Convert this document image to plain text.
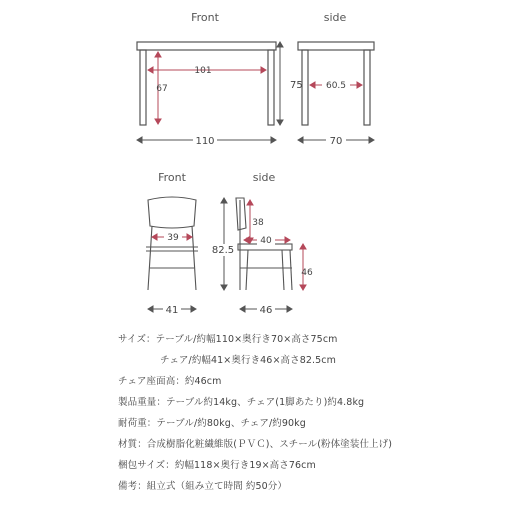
Front
101
67	75
110
side
60.5
70
Front
39
41
side
38
40
82.5
46
46
サイズ：テーブル/約幅110×奥行き70×高さ75cm
チェア/約幅41×奥行き46×高さ82.5cm
チェア座面高：約46cm
製品重量：テーブル約14kg、チェア(1脚あたり)約4.8kg
耐荷重：テーブル/約80kg、チェア/約90kg
材質：合成樹脂化粧繊維版(ＰＶＣ)、スチール(粉体塗装仕上げ)
梱包サイズ：約幅118×奥行き19×高さ76cm
備考：組立式（組み立て時間 約50分）
